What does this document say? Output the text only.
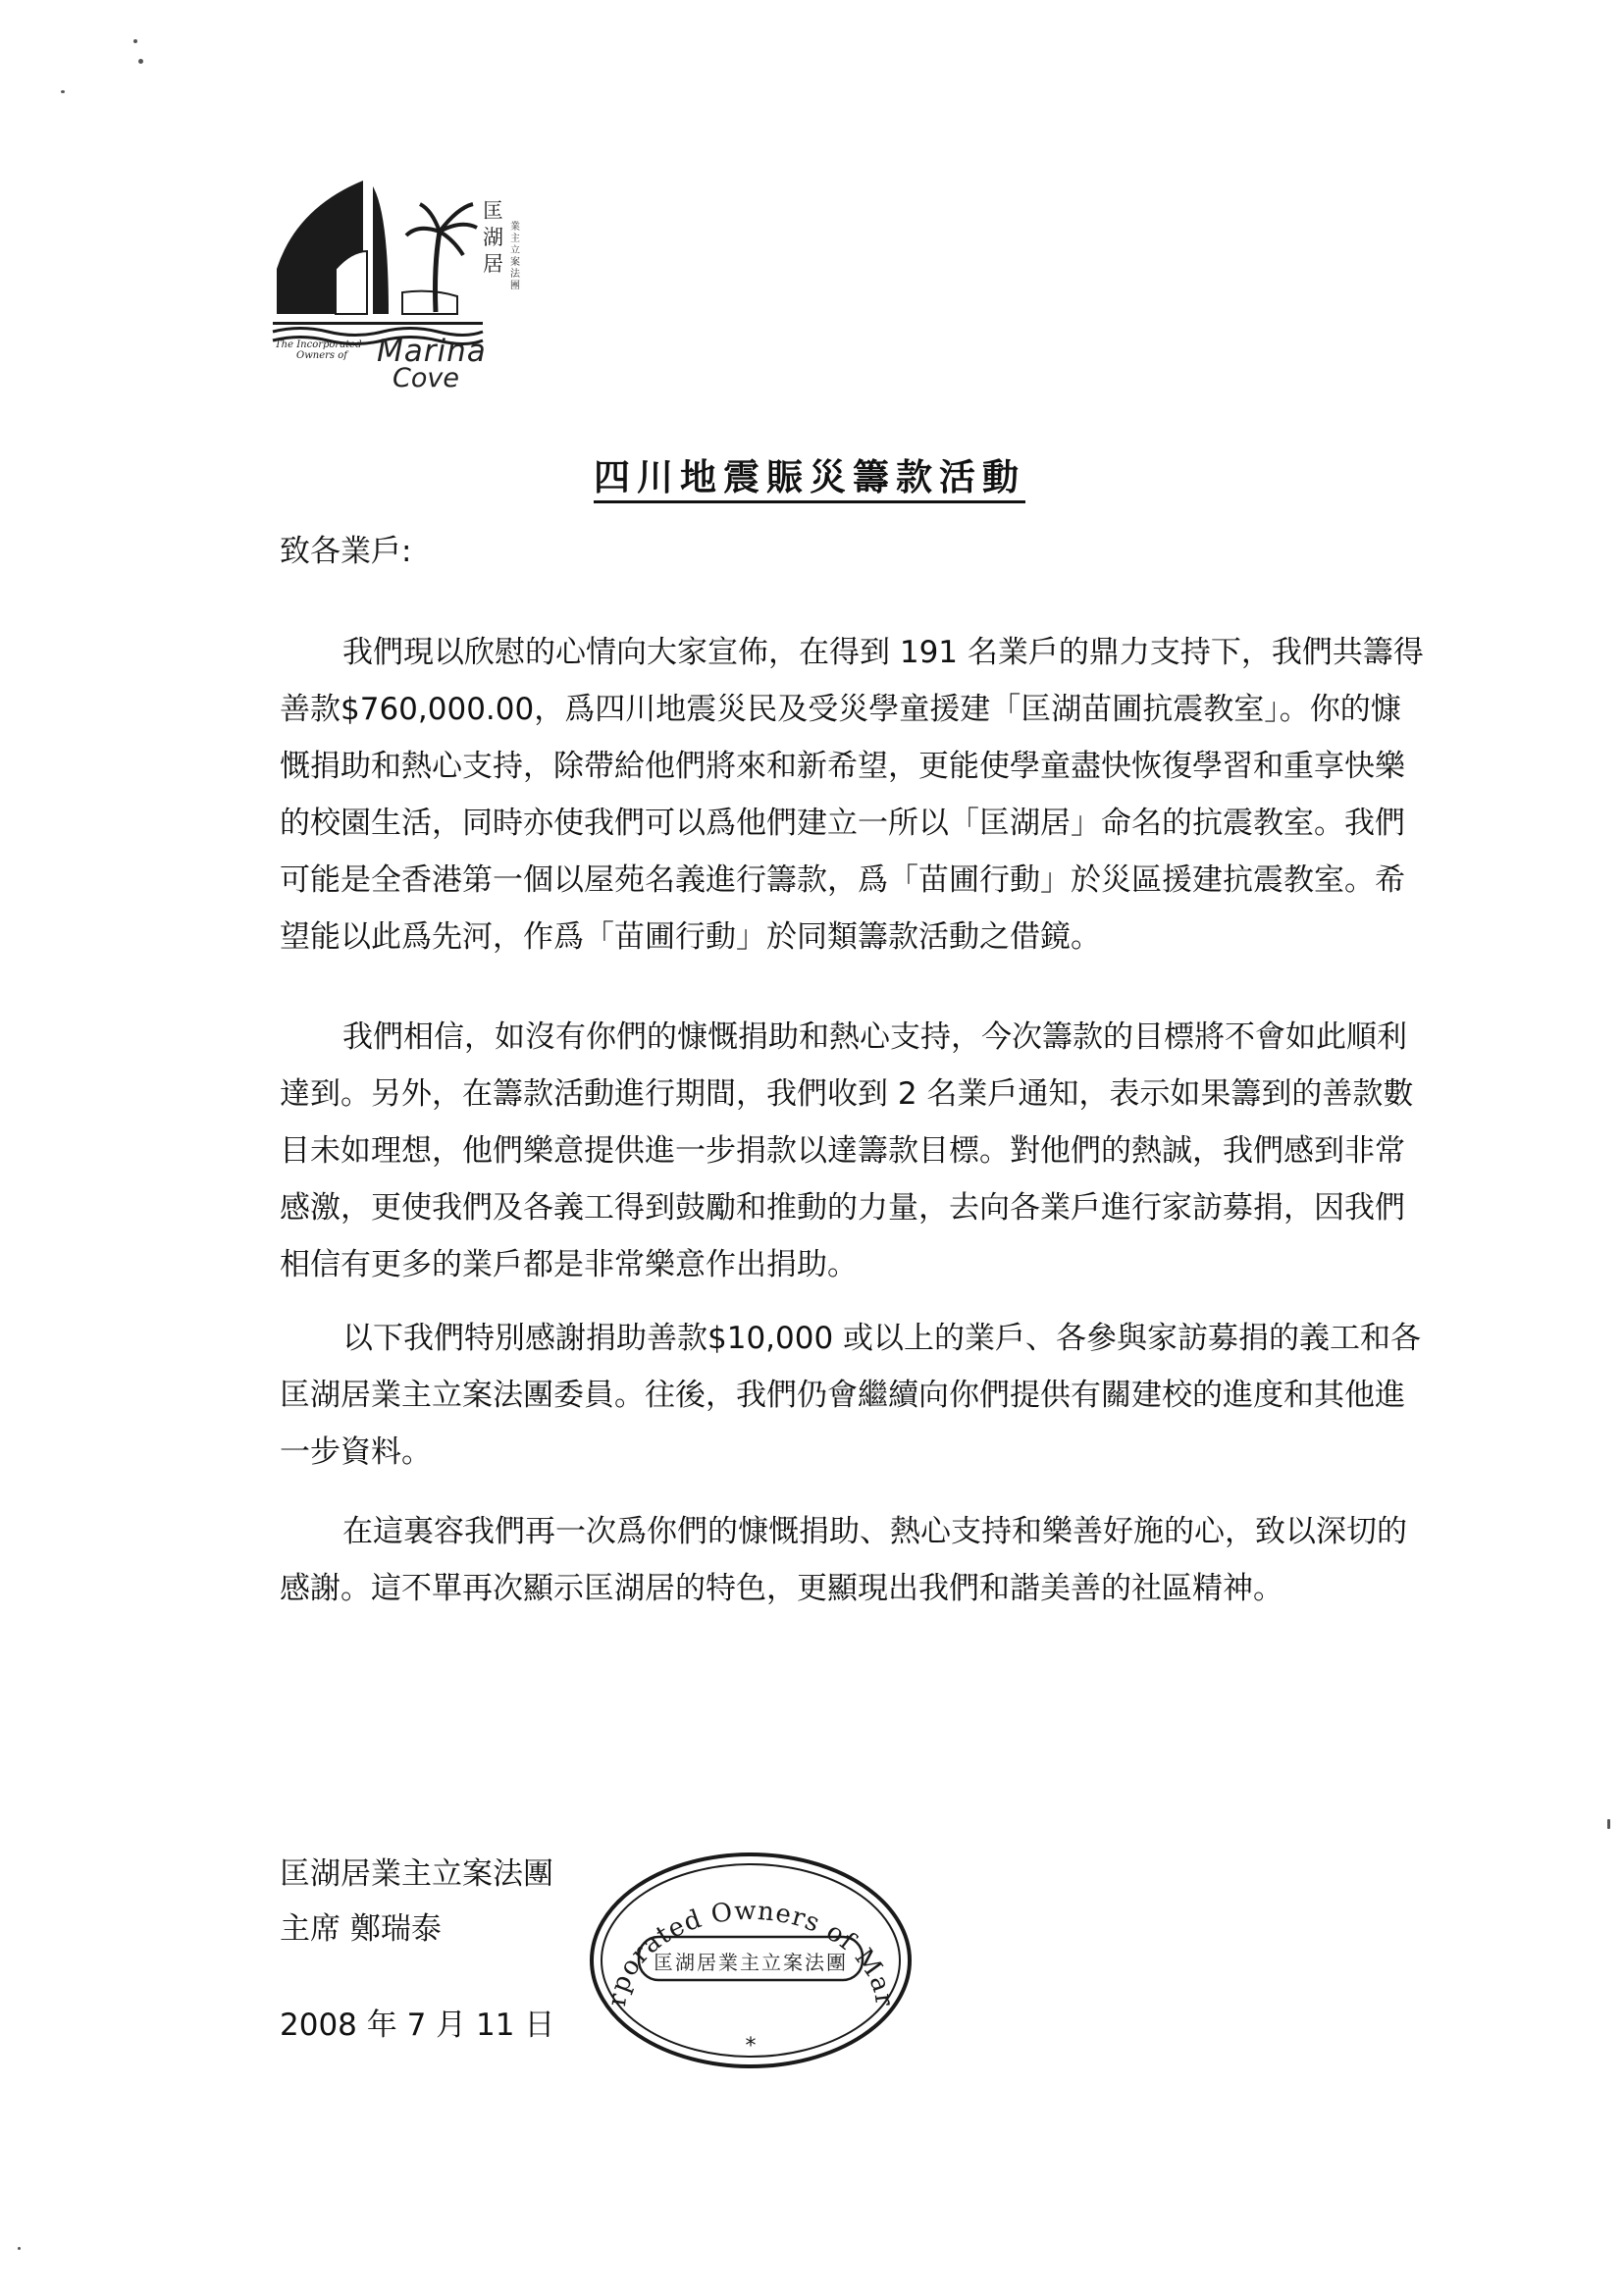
匡湖居
業主立案法團
The Incorporated
Owners of Marina
Cove
四川地震賑災籌款活動
致各業戶:

我們現以欣慰的心情向大家宣佈，在得到 191 名業戶的鼎力支持下，我們共籌得善款$760,000.00，爲四川地震災民及受災學童援建「匡湖苗圃抗震教室」。你的慷慨捐助和熱心支持，除帶給他們將來和新希望，更能使學童盡快恢復學習和重享快樂的校園生活，同時亦使我們可以爲他們建立一所以「匡湖居」命名的抗震教室。我們可能是全香港第一個以屋苑名義進行籌款，爲「苗圃行動」於災區援建抗震教室。希望能以此爲先河，作爲「苗圃行動」於同類籌款活動之借鏡。

我們相信，如沒有你們的慷慨捐助和熱心支持，今次籌款的目標將不會如此順利達到。另外，在籌款活動進行期間，我們收到 2 名業戶通知，表示如果籌到的善款數目未如理想，他們樂意提供進一步捐款以達籌款目標。對他們的熱誠，我們感到非常感激，更使我們及各義工得到鼓勵和推動的力量，去向各業戶進行家訪募捐，因我們相信有更多的業戶都是非常樂意作出捐助。

以下我們特別感謝捐助善款$10,000 或以上的業戶、各參與家訪募捐的義工和各匡湖居業主立案法團委員。往後，我們仍會繼續向你們提供有關建校的進度和其他進一步資料。

在這裏容我們再一次爲你們的慷慨捐助、熱心支持和樂善好施的心，致以深切的感謝。這不單再次顯示匡湖居的特色，更顯現出我們和諧美善的社區精神。

匡湖居業主立案法團
主席 鄭瑞泰
2008 年 7 月 11 日
rporated Owners of Mar
*
匡湖居業主立案法團
